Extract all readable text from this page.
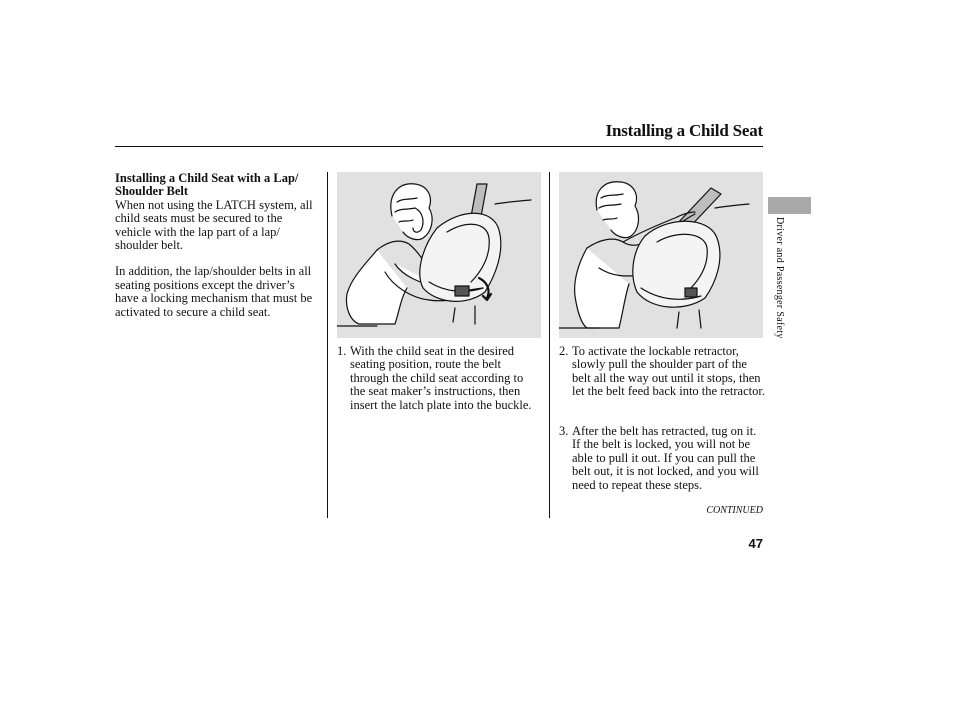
Installing a Child Seat
Installing a Child Seat with a Lap/ Shoulder Belt

When not using the LATCH system, all child seats must be secured to the vehicle with the lap part of a lap/ shoulder belt.

In addition, the lap/shoulder belts in all seating positions except the driver’s have a locking mechanism that must be activated to secure a child seat.

1. With the child seat in the desired seating position, route the belt through the child seat according to the seat maker’s instructions, then insert the latch plate into the buckle.
2. To activate the lockable retractor, slowly pull the shoulder part of the belt all the way out until it stops, then let the belt feed back into the retractor.
3. After the belt has retracted, tug on it. If the belt is locked, you will not be able to pull it out. If you can pull the belt out, it is not locked, and you will need to repeat these steps.
Driver and Passenger Safety
CONTINUED
47
